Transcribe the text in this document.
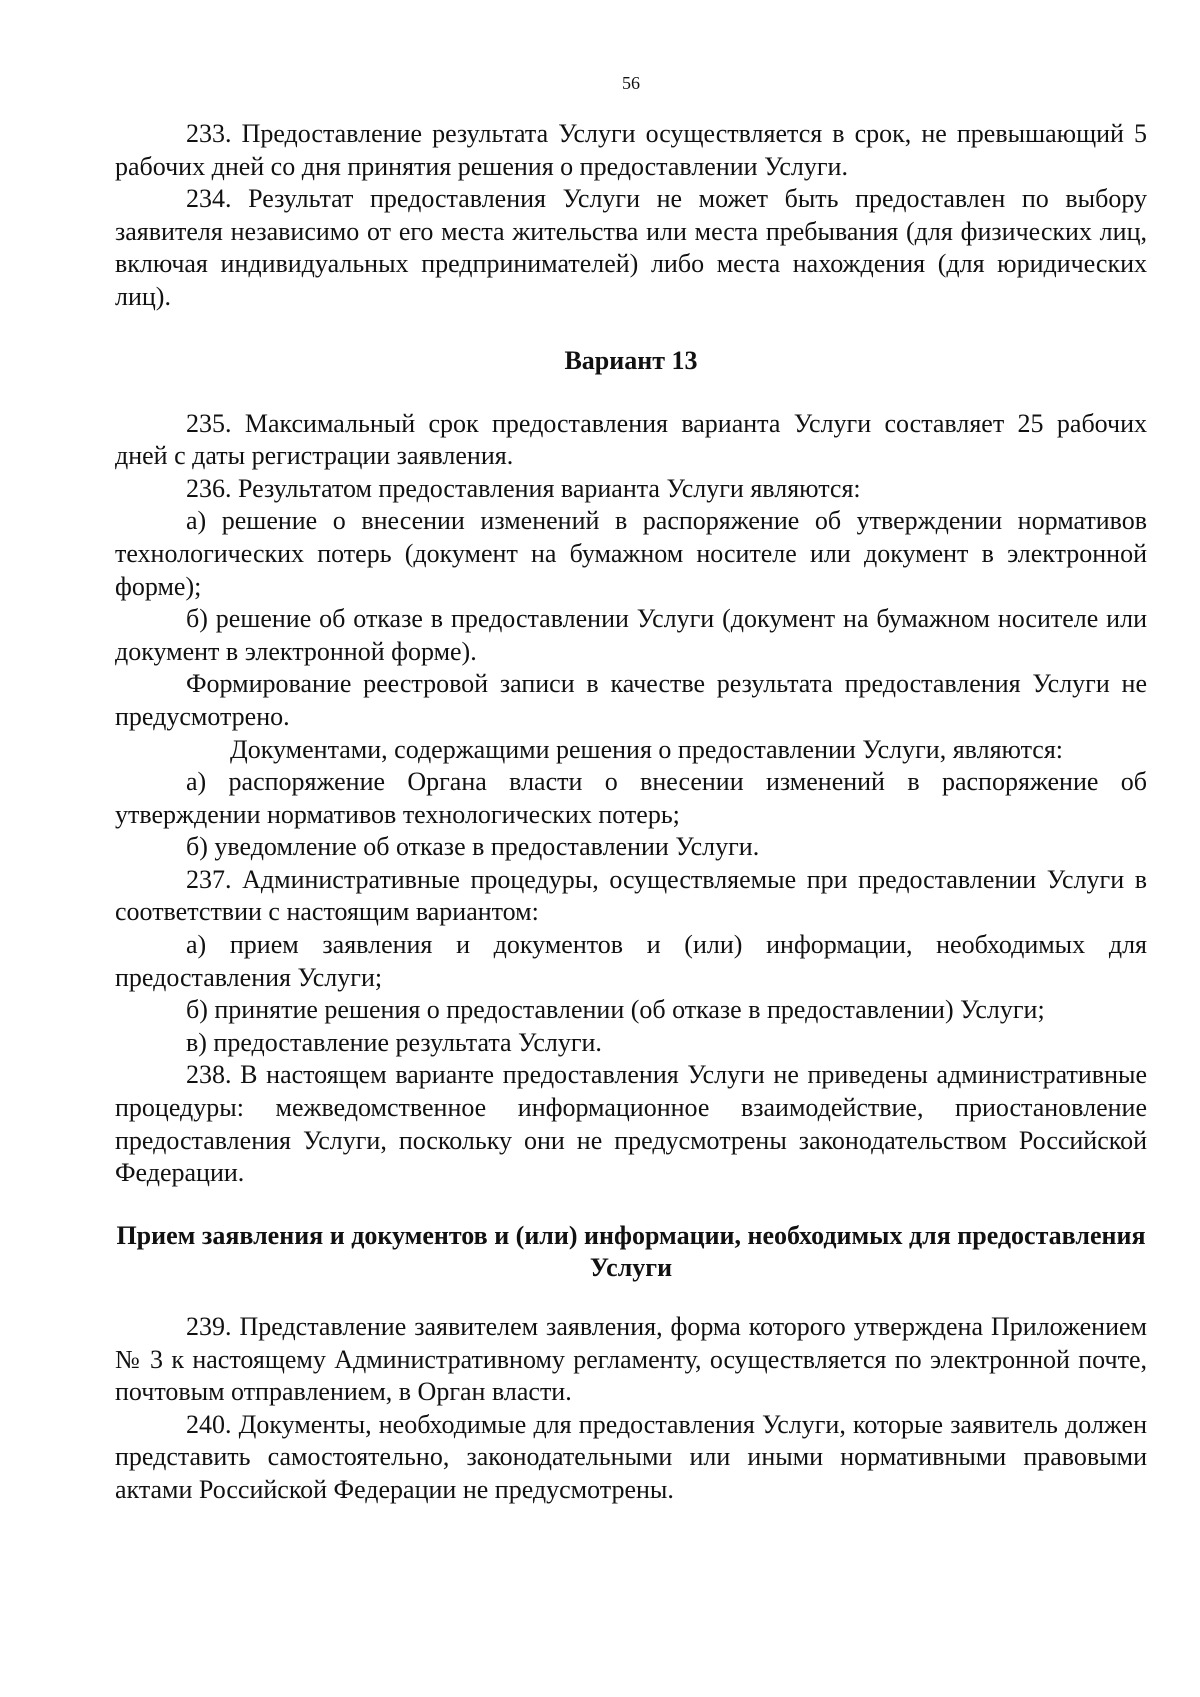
56

233. Предоставление результата Услуги осуществляется в срок, не превышающий 5 рабочих дней со дня принятия решения о предоставлении Услуги.

234. Результат предоставления Услуги не может быть предоставлен по выбору заявителя независимо от его места жительства или места пребывания (для физических лиц, включая индивидуальных предпринимателей) либо места нахождения (для юридических лиц).

Вариант 13

235. Максимальный срок предоставления варианта Услуги составляет 25 рабочих дней с даты регистрации заявления.

236. Результатом предоставления варианта Услуги являются:

а) решение о внесении изменений в распоряжение об утверждении нормативов технологических потерь (документ на бумажном носителе или документ в электронной форме);

б) решение об отказе в предоставлении Услуги (документ на бумажном носителе или документ в электронной форме).

Формирование реестровой записи в качестве результата предоставления Услуги не предусмотрено.

Документами, содержащими решения о предоставлении Услуги, являются:

а) распоряжение Органа власти о внесении изменений в распоряжение об утверждении нормативов технологических потерь;

б) уведомление об отказе в предоставлении Услуги.

237. Административные процедуры, осуществляемые при предоставлении Услуги в соответствии с настоящим вариантом:

а) прием заявления и документов и (или) информации, необходимых для предоставления Услуги;

б) принятие решения о предоставлении (об отказе в предоставлении) Услуги;

в) предоставление результата Услуги.

238. В настоящем варианте предоставления Услуги не приведены административные процедуры: межведомственное информационное взаимодействие, приостановление предоставления Услуги, поскольку они не предусмотрены законодательством Российской Федерации.

Прием заявления и документов и (или) информации, необходимых для предоставления Услуги

239. Представление заявителем заявления, форма которого утверждена Приложением № 3 к настоящему Административному регламенту, осуществляется по электронной почте, почтовым отправлением, в Орган власти.

240. Документы, необходимые для предоставления Услуги, которые заявитель должен представить самостоятельно, законодательными или иными нормативными правовыми актами Российской Федерации не предусмотрены.
